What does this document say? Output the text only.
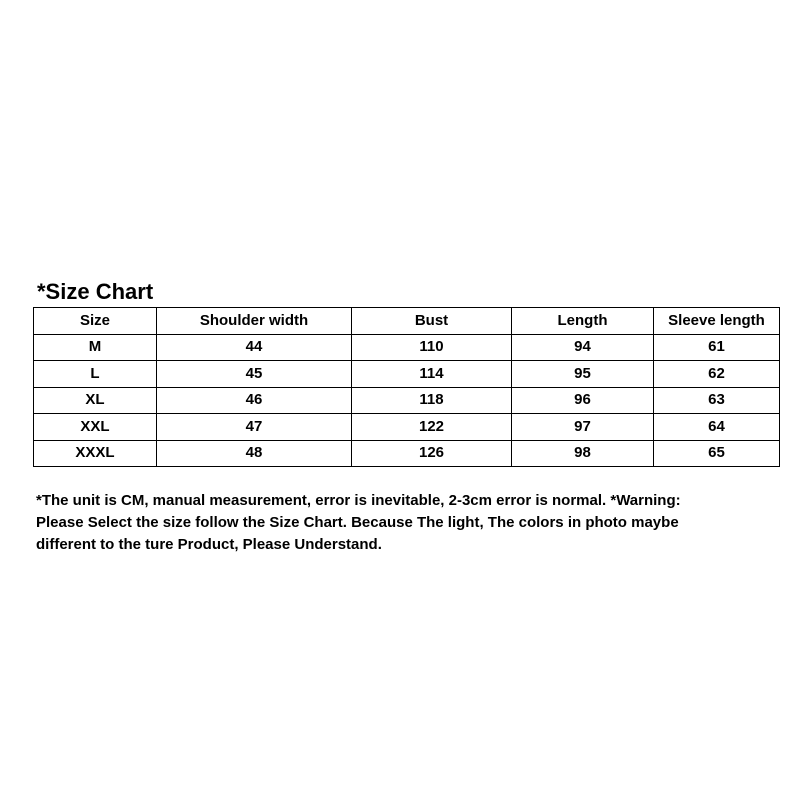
*Size Chart
Size	Shoulder width	Bust	Length	Sleeve length
M	44	110	94	61
L	45	114	95	62
XL	46	118	96	63
XXL	47	122	97	64
XXXL	48	126	98	65

*The unit is CM, manual measurement, error is inevitable, 2-3cm error is normal. *Warning:

Please Select the size follow the Size Chart. Because The light, The colors in photo maybe

different to the ture Product, Please Understand.
